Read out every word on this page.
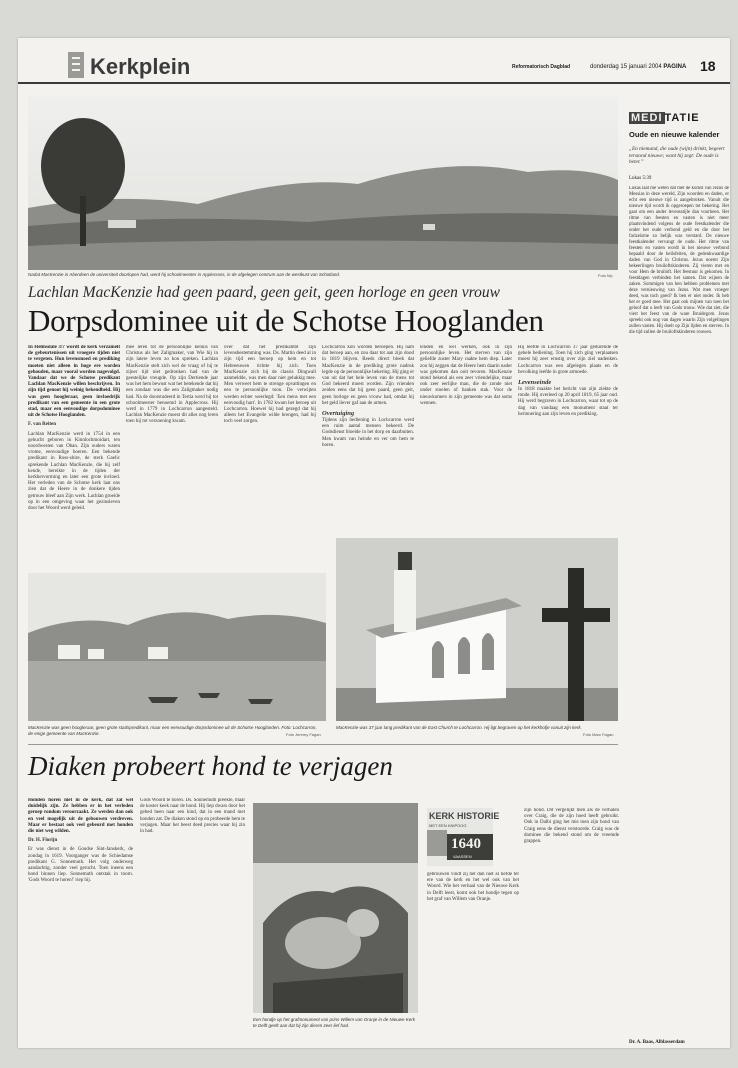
Kerkplein	Reformatorisch Dagblad	donderdag 15 januari 2004 PAGINA 18
Nadat MacKenzie in Aberdeen de universiteit doorlopen had, werd hij schoolmeester in Applecross, in de afgelegen centrum aan de westkust van Schotland.	Foto Mp
Lachlan MacKenzie had geen paard, geen geit, geen horloge en geen vrouw
Dorpsdominee uit de Schotse Hooglanden

In Helmsdale 3/7 wordt de kerk verzamelt de gebeurtenissen uit vroegere tijden niet te vergeten. Hun levensmoed en prediking moeten niet alleen in hoge ere worden gehouden, maar vooral worden nagevolgd. Vandaar dat we de Schotse predikant Lachlan MacKenzie willen beschrijven. In zijn tijd genoot hij weinig bekendheid. Hij was geen hoogleraar, geen invloedrijk predikant van een gemeente in een grote stad, maar een eenvoudige dorpsdominee uit de Schotse Hooglanden.

F. van Reiten

Lachlan MacKenzie werd in 1754 in een gehucht geboren in Kinnlochmoidart, ten noordwesten van Oban. Zijn ouders waren vrome, eenvoudige boeren. Een bekende predikant in Ross-shire, de sterk Gaelic sprekende Lachlan MacKenzie, die hij zelf kende, bereikte in de tijden der kerkhervorming en later een grote invloed. Het verleden van de Schotse kerk laat ons zien dat de Heere in de donkere tijden getrouw bleef aan Zijn werk. Lachlan groeide op in een omgeving waar het gezinsleven door het Woord werd geleid.

mee leren tot de persoonlijke kennis van Christus als het Zaligmaker, van Wie hij in zijn latere leven zo kon spreken. Lachlan MacKenzie stelt zich wel de vraag of hij te zijner tijd niet gedronken had van de geestelijke vreugde. Op zijn Dertiende jaar was het hem bewust wat het betekende dat hij een zondaar was die een Zaligmaker nodig had. Na de doorstudeerd in Tertia werd hij tot schoolmeester benoemd in Applecross. Hij werd in 1779 in Lochcarron aangesteld. Lachlan MacKenzie moest dit alles nog leren toen hij tot verzoening kwam.

over dat het predikambt zijn levensbestemming was. Ds. Martin deed al in zijn tijd een beroep op hem en tot Hebreeuwen richtte hij zich. Toen MacKenzie zich bij de classis Dingwall aanmeldde, was men daar niet gelukkig mee. Men verweet hem te strenge opvattingen en een te persoonlijke toon. De verwijten werden echter weerlegd: 'Een mens met een eenvoudig hart'. In 1782 kwam het beroep uit Lochcarron. Hoewel hij had gezegd dat hij alleen het Evangelie wilde brengen, had hij toch veel zorgen.

Lochcarron kon worden beroepen. Hij nam dat beroep aan, en zou daar tot aan zijn dood in 1819 blijven. Reeds direct bleek dat MacKenzie in de prediking grote nadruk legde op de persoonlijke bekering. Hij ging er van uit dat het hele leven van de mens tot God bekeerd moest worden. Zijn vrienden zeiden eens dat hij geen paard, geen geit, geen horloge en geen vrouw had, omdat hij het geld liever gaf aan de armen.

Overtuiging

Tijdens zijn bediening in Lochcarron werd een ruim aantal mensen bekeerd. De Godsdienst bloeide in het dorp en daarbuiten. Men kwam van heinde en ver om hem te horen.

lenden en wel werken, ook in zijn persoonlijke leven. Het sterven van zijn geliefde zuster Mary raakte hem diep. Later zou hij zeggen dat de Heere hem daarin nader was gekomen dan ooit tevoren. MacKenzie stond bekend als een zeer vriendelijke, maar ook zeer eerlijke man, die de zonde niet onder stoelen of banken stak. Voor de nieuwkomers in zijn gemeente was dat soms wennen.

Hij leefde in Lochcarron 37 jaar gedurende de gehele bediening. Toen hij zich ging verplaatsen moest hij zeer ernstig over zijn ziel nadenken. Lochcarron was een afgelegen plaats en de bevolking leefde in grote armoede.

Levenseinde

In 1818 maakte het bericht van zijn ziekte de ronde. Hij overleed op 20 april 1819, 65 jaar oud. Hij werd begraven in Lochcarron, waar tot op de dag van vandaag een monument staat ter herinnering aan zijn leven en prediking.

MacKenzie was geen hoogleraar, geen grote stadspredikant, maar een eenvoudige dorpsdominee uit de Schotse Hooglanden. Foto: Lochcarron, de enige gemeente van MacKenzie.	Foto Jeremy Fagan
MacKenzie was 37 jaar lang predikant van de East Church te Lochcarron. Hij ligt begraven op het kerkhofje vanuit zijn kerk.
Foto Marc Fagan
Diaken probeert hond te verjagen

Honden horen niet in de kerk, dat zal wel duidelijk zijn. Ze hebben er in het verleden geroep rondom veroorzaakt. Ze werden dan ook en veel mogelijk uit de gebouwen verdreven. Maar er bestaat ook veel gebeurd met honden die niet weg wilden.

Dr. H. Florijn

Er was dienst in de Goudse Sint-Janskerk, de zondag in 1619. Voorganger was de Schiedamse predikant G. Sonnemuth. Het volg onderweg aandachtig, zonder veel gerucht. Toen ineens een hond binnen liep. Sonnemuth ontstak in toorn. 'Gods Woord te horen!' riep hij.

Gods Woord te horen. Ds. Sonnemuth preekte, maar de koster keek naar de hond. Hij liep dwars door het gebed heen naar een kind, dat in een mand met honden zat. De diaken stond op en probeerde hem te verjagen. Maar het beest deed precies waar hij zin in had.

Een hondje op het grafmonument van prins Willem van Oranje in de Nieuwe Kerk te Delft geeft aan dat hij zijn dieren zeer lief had.

KERK HISTORIE
MET EEN KNIPOOG
1640
VAASSEN

gebrouwen vindt zij het dan niet al liefde ter ere van de kerk en het wel ook van het Woord. Wie het verhaal van de Nieuwe Kerk in Delft leest, komt ook het hondje tegen op het graf van Willem van Oranje.

zijn hond. Dit vergelijkt men als de verhalen over Craig, die de zijn hoed heeft gebruikt. Ook in Dalbi ging het mis toen zijn hond van Craig eens de dienst verstoorde. Craig was de dominee die bekend stond om de vreemde grappen.

MEDI TATIE
Oude en nieuwe kalender
„En niemand, die oude (wijn) drinkt, begeert terstond nieuwe; want hij zegt: De oude is beter.”
Lukas 5:39
Lukas laat me weten dat met de komst van Jezus de Messias in deze wereld, Zijn woorden en daden, er echt een nieuwe tijd is aangebroken. Vanuit die nieuwe tijd wordt ik opgeroepen tot bekering. Het gaat om een ander levensstijle dan voorheen. Het ritme van feesten en vasten is niet meer plaatsvindend volgens de oude feestkalender die onder het oude verbond geld en die door het farizeïsme zo belijk was verstard. De nieuwe feestkalender vervangt de oude. Het ritme van feesten en vasten wordt in het nieuwe verbond bepaald door de heilsfeiten, de gedenkwaardige daden van God in Christus. Jezus noemt Zijn bekeerlingen bruiloftskinderen. Zij vieren met en voor Hem de bruiloft. Het feestuur is gekomen. In feestdagen verbinden het samen. Dat wijnen de zaken. Sommigen van hen hebben problemen met deze vernieuwing van Jezus. Wat men vroeger deed, was toch goed? Ik ben er niet onder. Ik heb het er goed mee. Het gaat ook mijnen van toen het geloof dat u leeft van Gods trouw. Wie dat ziet, die viert het feest van de ware Bruidegom. Jezus spreekt ook nog van dagen waarin Zijn volgelingen zullen vasten. Hij doelt op Zijn lijden en sterven. In die tijd zullen de bruiloftskinderen rouwen.
Dr. A. Baas, Alblasserdam
